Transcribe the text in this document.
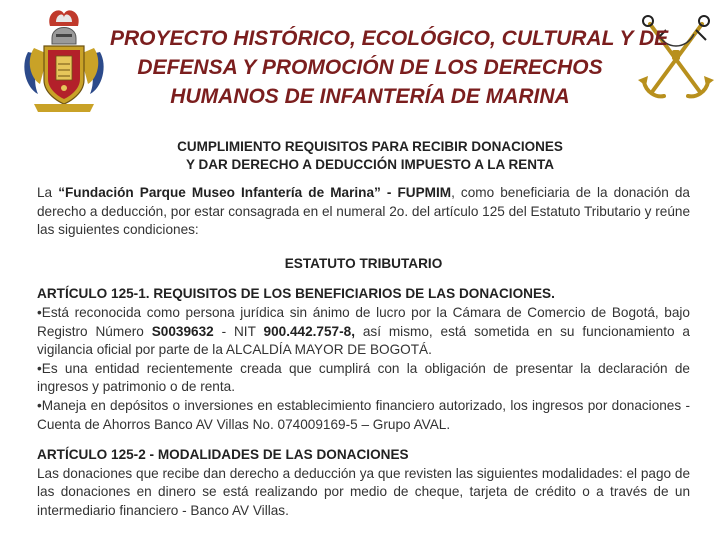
PROYECTO HISTÓRICO, ECOLÓGICO, CULTURAL Y DE
DEFENSA Y PROMOCIÓN DE LOS DERECHOS
HUMANOS DE INFANTERÍA DE MARINA
CUMPLIMIENTO REQUISITOS PARA RECIBIR DONACIONES
Y DAR DERECHO A DEDUCCIÓN IMPUESTO A LA RENTA

La “Fundación Parque Museo Infantería de Marina” - FUPMIM, como beneficiaria de la donación da derecho a deducción, por estar consagrada en el numeral 2o. del artículo 125 del Estatuto Tributario y reúne las siguientes condiciones:

ESTATUTO TRIBUTARIO

ARTÍCULO 125-1. REQUISITOS DE LOS BENEFICIARIOS DE LAS DONACIONES.

•Está reconocida como persona jurídica sin ánimo de lucro por la Cámara de Comercio de Bogotá, bajo Registro Número S0039632 - NIT 900.442.757-8, así mismo, está sometida en su funcionamiento a vigilancia oficial por parte de la ALCALDÍA MAYOR DE BOGOTÁ.

•Es una entidad recientemente creada que cumplirá con la obligación de presentar la declaración de ingresos y patrimonio o de renta.

•Maneja en depósitos o inversiones en establecimiento financiero autorizado, los ingresos por donaciones - Cuenta de Ahorros Banco AV Villas No. 074009169-5 – Grupo AVAL.

ARTÍCULO 125-2 - MODALIDADES DE LAS DONACIONES

Las donaciones que recibe dan derecho a deducción ya que revisten las siguientes modalidades: el pago de las donaciones en dinero se está realizando por medio de cheque, tarjeta de crédito o a través de un intermediario financiero - Banco AV Villas.
